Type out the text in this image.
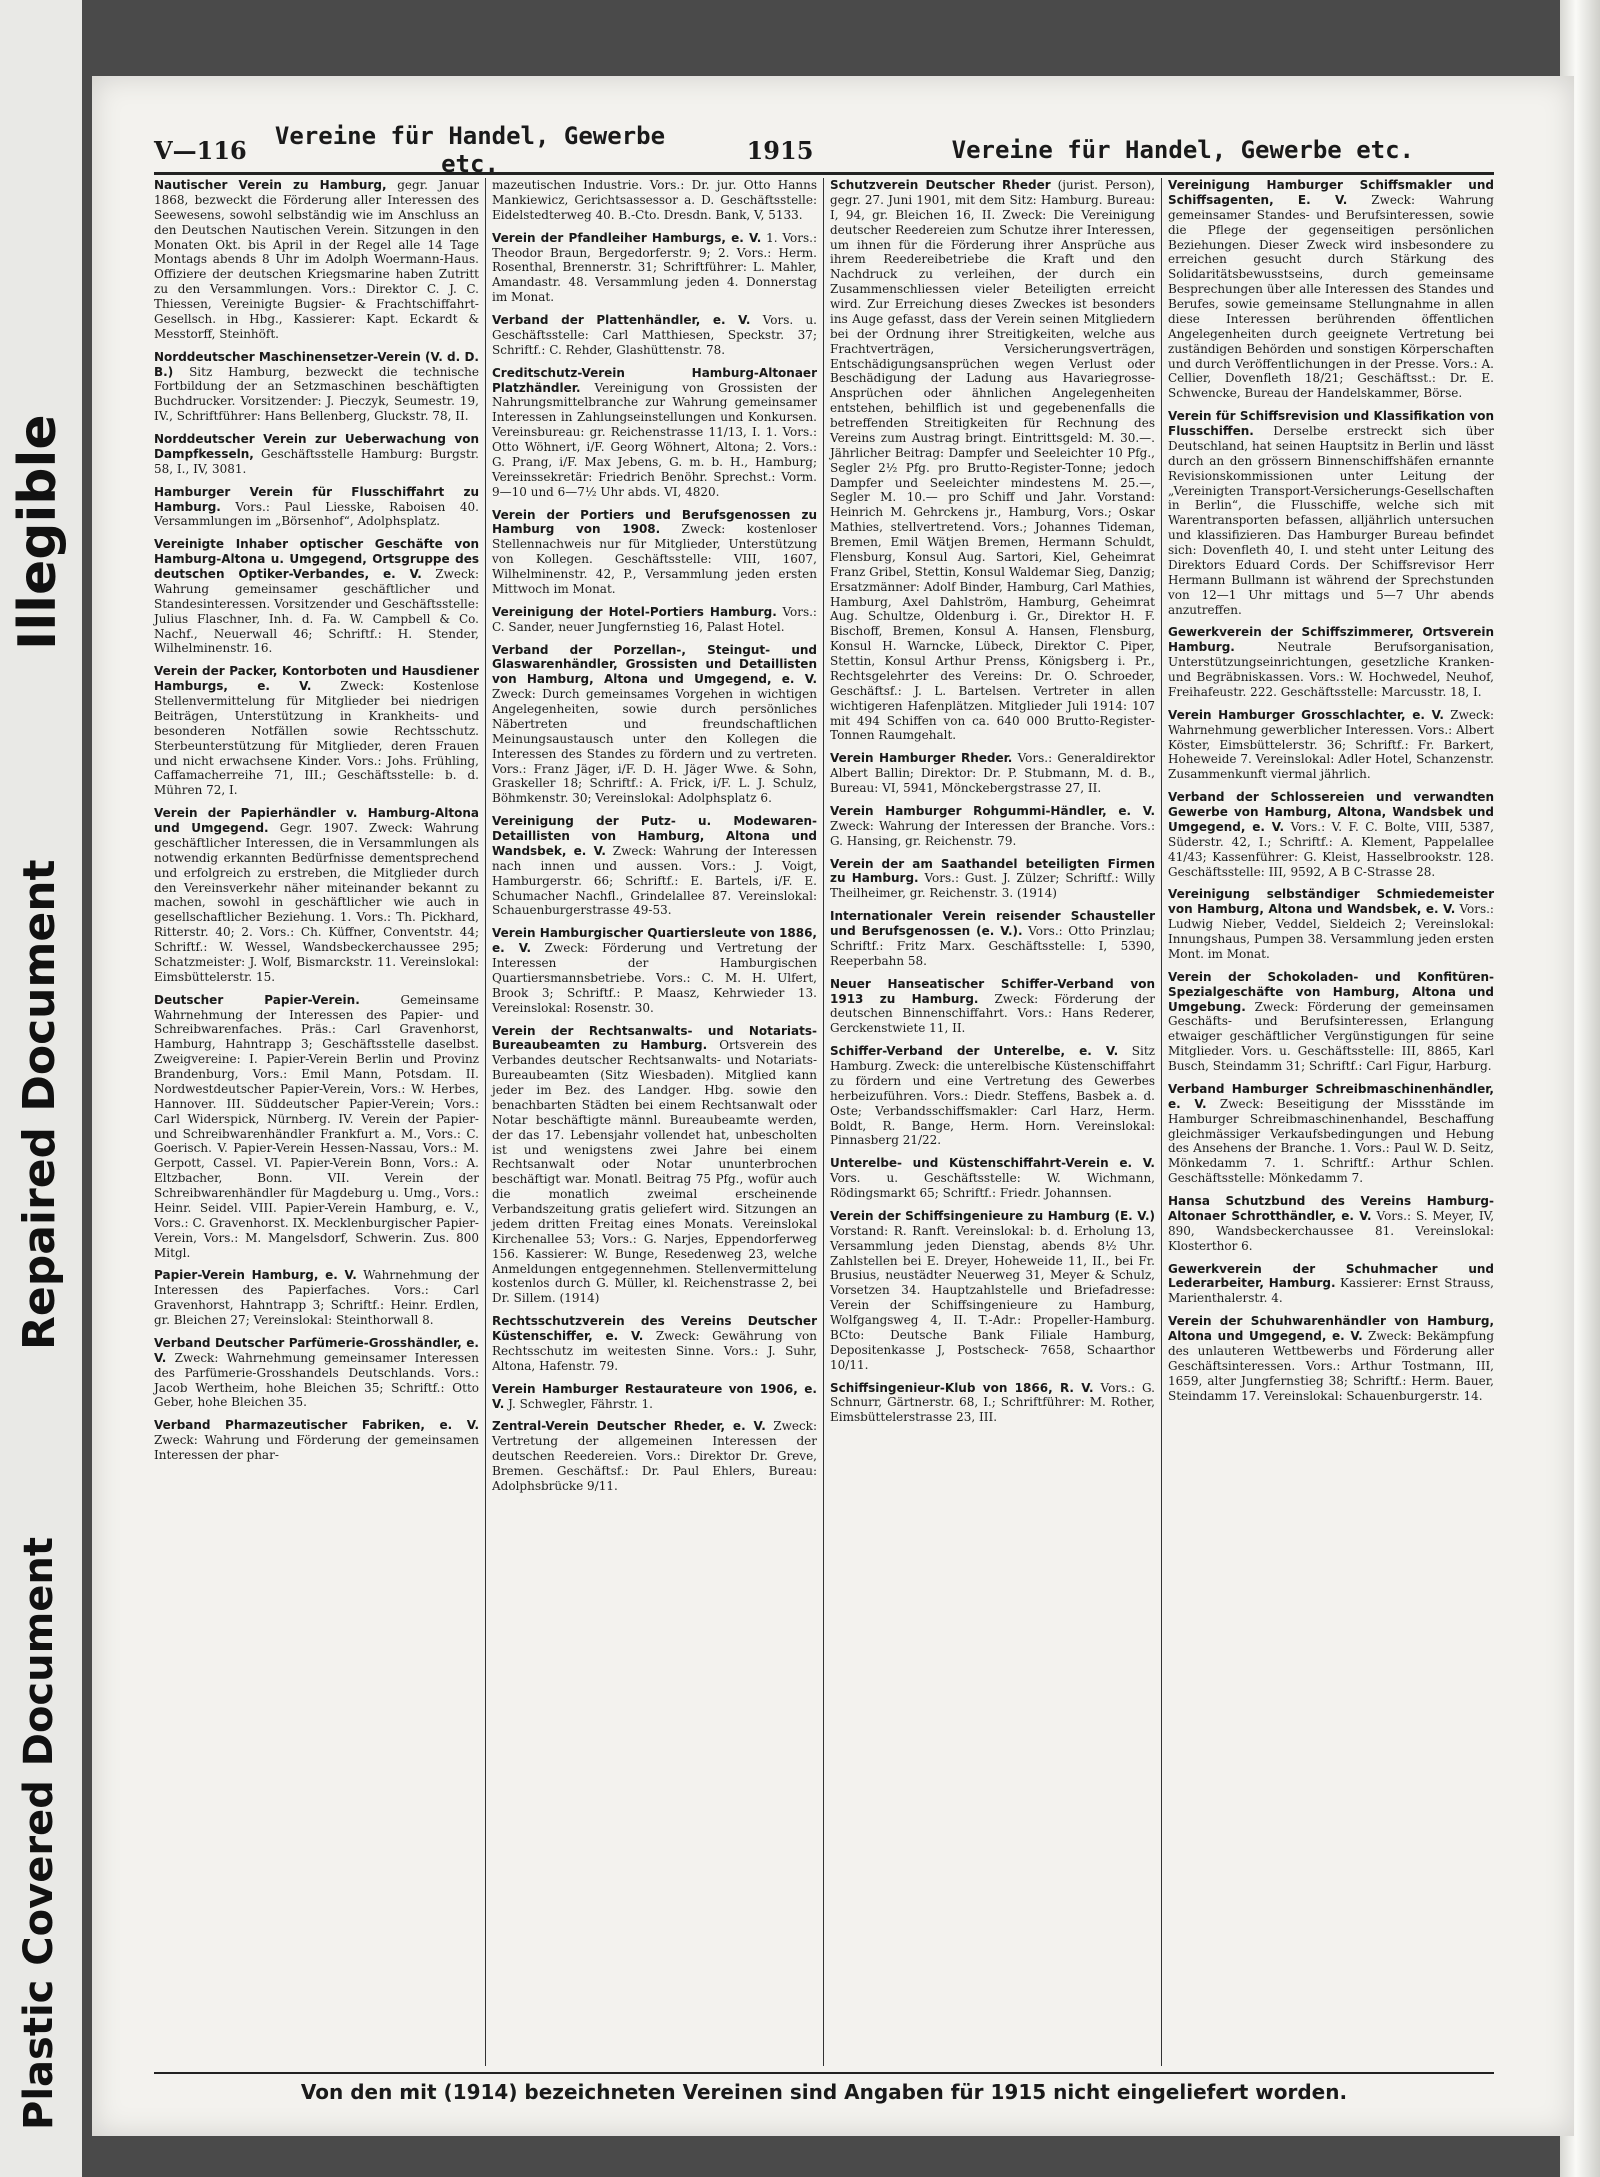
Illegible
Repaired Document
Plastic Covered Document
V—116	Vereine für Handel, Gewerbe etc.	1915	Vereine für Handel, Gewerbe etc.

Nautischer Verein zu Hamburg, gegr. Januar 1868, bezweckt die Förderung aller Interessen des Seewesens, sowohl selbständig wie im Anschluss an den Deutschen Nautischen Verein. Sitzungen in den Monaten Okt. bis April in der Regel alle 14 Tage Montags abends 8 Uhr im Adolph Woermann-Haus. Offiziere der deutschen Kriegsmarine haben Zutritt zu den Versammlungen. Vors.: Direktor C. J. C. Thiessen, Vereinigte Bugsier- & Frachtschiffahrt-Gesellsch. in Hbg., Kassierer: Kapt. Eckardt & Messtorff, Steinhöft.

Norddeutscher Maschinensetzer-Verein (V. d. D. B.) Sitz Hamburg, bezweckt die technische Fortbildung der an Setzmaschinen beschäftigten Buchdrucker. Vorsitzender: J. Pieczyk, Seumestr. 19, IV., Schriftführer: Hans Bellenberg, Gluckstr. 78, II.

Norddeutscher Verein zur Ueberwachung von Dampfkesseln, Geschäftsstelle Hamburg: Burgstr. 58, I., IV, 3081.

Hamburger Verein für Flusschiffahrt zu Hamburg. Vors.: Paul Liesske, Raboisen 40. Versammlungen im „Börsenhof“, Adolphsplatz.

Vereinigte Inhaber optischer Geschäfte von Hamburg-Altona u. Umgegend, Ortsgruppe des deutschen Optiker-Verbandes, e. V. Zweck: Wahrung gemeinsamer geschäftlicher und Standesinteressen. Vorsitzender und Geschäftsstelle: Julius Flaschner, Inh. d. Fa. W. Campbell & Co. Nachf., Neuerwall 46; Schriftf.: H. Stender, Wilhelminenstr. 16.

Verein der Packer, Kontorboten und Hausdiener Hamburgs, e. V. Zweck: Kostenlose Stellenvermittelung für Mitglieder bei niedrigen Beiträgen, Unterstützung in Krankheits- und besonderen Notfällen sowie Rechtsschutz. Sterbeunterstützung für Mitglieder, deren Frauen und nicht erwachsene Kinder. Vors.: Johs. Frühling, Caffamacherreihe 71, III.; Geschäftsstelle: b. d. Mühren 72, I.

Verein der Papierhändler v. Hamburg-Altona und Umgegend. Gegr. 1907. Zweck: Wahrung geschäftlicher Interessen, die in Versammlungen als notwendig erkannten Bedürfnisse dementsprechend und erfolgreich zu erstreben, die Mitglieder durch den Vereinsverkehr näher miteinander bekannt zu machen, sowohl in geschäftlicher wie auch in gesellschaftlicher Beziehung. 1. Vors.: Th. Pickhard, Ritterstr. 40; 2. Vors.: Ch. Küffner, Conventstr. 44; Schriftf.: W. Wessel, Wandsbeckerchaussee 295; Schatzmeister: J. Wolf, Bismarckstr. 11. Vereinslokal: Eimsbüttelerstr. 15.

Deutscher Papier-Verein.	Gemeinsame Wahrnehmung der Interessen des Papier- und Schreibwarenfaches. Präs.: Carl Gravenhorst, Hamburg, Hahntrapp 3; Geschäftsstelle daselbst. Zweigvereine: I. Papier-Verein Berlin und Provinz Brandenburg, Vors.: Emil Mann, Potsdam. II. Nordwestdeutscher Papier-Verein, Vors.: W. Herbes, Hannover. III. Süddeutscher Papier-Verein; Vors.: Carl Widerspick, Nürnberg. IV. Verein der Papier- und Schreibwarenhändler Frankfurt a. M., Vors.: C. Goerisch. V. Papier-Verein Hessen-Nassau, Vors.: M. Gerpott, Cassel. VI. Papier-Verein Bonn, Vors.: A. Eltzbacher, Bonn. VII. Verein der Schreibwarenhändler für Magdeburg u. Umg., Vors.: Heinr. Seidel. VIII. Papier-Verein Hamburg, e. V., Vors.: C. Gravenhorst. IX. Mecklenburgischer Papier-Verein, Vors.: M. Mangelsdorf, Schwerin. Zus. 800 Mitgl.

Papier-Verein Hamburg, e. V. Wahrnehmung der Interessen des Papierfaches. Vors.: Carl Gravenhorst, Hahntrapp 3; Schriftf.: Heinr. Erdlen, gr. Bleichen 27; Vereinslokal: Steinthorwall 8.

Verband Deutscher Parfümerie-Grosshändler, e. V. Zweck: Wahrnehmung gemeinsamer Interessen des Parfümerie-Grosshandels Deutschlands. Vors.: Jacob Wertheim, hohe Bleichen 35; Schriftf.: Otto Geber, hohe Bleichen 35.

Verband Pharmazeutischer Fabriken, e. V. Zweck: Wahrung und Förderung der gemeinsamen Interessen der phar-

mazeutischen Industrie. Vors.: Dr. jur. Otto Hanns Mankiewicz, Gerichtsassessor a. D. Geschäftsstelle: Eidelstedterweg 40. B.-Cto. Dresdn. Bank, V, 5133.

Verein der Pfandleiher Hamburgs, e. V. 1. Vors.: Theodor Braun, Bergedorferstr. 9; 2. Vors.: Herm. Rosenthal, Brennerstr. 31; Schriftführer: L. Mahler, Amandastr. 48. Versammlung jeden 4. Donnerstag im Monat.

Verband der Plattenhändler, e. V. Vors. u. Geschäftsstelle: Carl Matthiesen, Speckstr. 37; Schriftf.: C. Rehder, Glashüttenstr. 78.

Creditschutz-Verein Hamburg-Altonaer Platzhändler. Vereinigung von Grossisten der Nahrungsmittelbranche zur Wahrung gemeinsamer Interessen in Zahlungseinstellungen und Konkursen. Vereinsbureau: gr. Reichenstrasse 11/13, I. 1. Vors.: Otto Wöhnert, i/F. Georg Wöhnert, Altona; 2. Vors.: G. Prang, i/F. Max Jebens, G. m. b. H., Hamburg; Vereinssekretär: Friedrich Benöhr. Sprechst.: Vorm. 9—10 und 6—7½ Uhr abds. VI, 4820.

Verein der Portiers und Berufsgenossen zu Hamburg von 1908. Zweck: kostenloser Stellennachweis nur für Mitglieder, Unterstützung von Kollegen. Geschäftsstelle: VIII, 1607, Wilhelminenstr. 42, P., Versammlung jeden ersten Mittwoch im Monat.

Vereinigung der Hotel-Portiers Hamburg. Vors.: C. Sander, neuer Jungfernstieg 16, Palast Hotel.

Verband der Porzellan-, Steingut- und Glaswarenhändler, Grossisten und Detaillisten von Hamburg, Altona und Umgegend, e. V. Zweck: Durch gemeinsames Vorgehen in wichtigen Angelegenheiten, sowie durch persönliches Näbertreten und freundschaftlichen Meinungsaustausch unter den Kollegen die Interessen des Standes zu fördern und zu vertreten. Vors.: Franz Jäger, i/F. D. H. Jäger Wwe. & Sohn, Graskeller 18; Schriftf.: A. Frick, i/F. L. J. Schulz, Böhmkenstr. 30; Vereinslokal: Adolphsplatz 6.

Vereinigung der Putz- u. Modewaren-Detaillisten von Hamburg, Altona und Wandsbek, e. V. Zweck: Wahrung der Interessen nach innen und aussen. Vors.: J. Voigt, Hamburgerstr. 66; Schriftf.: E. Bartels, i/F. E. Schumacher Nachfl., Grindelallee 87. Vereinslokal: Schauenburgerstrasse 49-53.

Verein Hamburgischer Quartiersleute von 1886, e. V. Zweck: Förderung und Vertretung der Interessen der Hamburgischen Quartiersmannsbetriebe. Vors.: C. M. H. Ulfert, Brook 3; Schriftf.: P. Maasz, Kehrwieder 13. Vereinslokal: Rosenstr. 30.

Verein der Rechtsanwalts- und Notariats-Bureaubeamten zu Hamburg. Ortsverein des Verbandes deutscher Rechtsanwalts- und Notariats-Bureaubeamten (Sitz Wiesbaden). Mitglied kann jeder im Bez. des Landger. Hbg. sowie den benachbarten Städten bei einem Rechtsanwalt oder Notar beschäftigte männl. Bureaubeamte werden, der das 17. Lebensjahr vollendet hat, unbescholten ist und wenigstens zwei Jahre bei einem Rechtsanwalt oder Notar ununterbrochen beschäftigt war. Monatl. Beitrag 75 Pfg., wofür auch die monatlich zweimal erscheinende Verbandszeitung gratis geliefert wird. Sitzungen an jedem dritten Freitag eines Monats. Vereinslokal Kirchenallee 53; Vors.: G. Narjes, Eppendorferweg 156. Kassierer: W. Bunge, Resedenweg 23, welche Anmeldungen entgegennehmen. Stellenvermittelung kostenlos durch G. Müller, kl. Reichenstrasse 2, bei Dr. Sillem. (1914)

Rechtsschutzverein des Vereins Deutscher Küstenschiffer, e. V. Zweck: Gewährung von Rechtsschutz im weitesten Sinne. Vors.: J. Suhr, Altona, Hafenstr. 79.

Verein Hamburger Restaurateure von 1906, e. V. J. Schwegler, Fährstr. 1.

Zentral-Verein Deutscher Rheder, e. V. Zweck: Vertretung der allgemeinen Interessen der deutschen Reedereien. Vors.: Direktor Dr. Greve, Bremen. Geschäftsf.: Dr. Paul Ehlers, Bureau: Adolphsbrücke 9/11.

Schutzverein Deutscher Rheder (jurist. Person), gegr. 27. Juni 1901, mit dem Sitz: Hamburg. Bureau: I, 94, gr. Bleichen 16, II. Zweck: Die Vereinigung deutscher Reedereien zum Schutze ihrer Interessen, um ihnen für die Förderung ihrer Ansprüche aus ihrem Reedereibetriebe die Kraft und den Nachdruck zu verleihen, der durch ein Zusammenschliessen vieler Beteiligten erreicht wird. Zur Erreichung dieses Zweckes ist besonders ins Auge gefasst, dass der Verein seinen Mitgliedern bei der Ordnung ihrer Streitigkeiten, welche aus Frachtverträgen, Versicherungsverträgen, Entschädigungsansprüchen wegen Verlust oder Beschädigung der Ladung aus Havariegrosse-Ansprüchen oder ähnlichen Angelegenheiten entstehen, behilflich ist und gegebenenfalls die betreffenden Streitigkeiten für Rechnung des Vereins zum Austrag bringt. Eintrittsgeld: M. 30.—. Jährlicher Beitrag: Dampfer und Seeleichter 10 Pfg., Segler 2½ Pfg. pro Brutto-Register-Tonne; jedoch Dampfer und Seeleichter mindestens M. 25.—, Segler M. 10.— pro Schiff und Jahr. Vorstand: Heinrich M. Gehrckens jr., Hamburg, Vors.; Oskar Mathies, stellvertretend. Vors.; Johannes Tideman, Bremen, Emil Wätjen Bremen, Hermann Schuldt, Flensburg, Konsul Aug. Sartori, Kiel, Geheimrat Franz Gribel, Stettin, Konsul Waldemar Sieg, Danzig; Ersatzmänner: Adolf Binder, Hamburg, Carl Mathies, Hamburg, Axel Dahlström, Hamburg, Geheimrat Aug. Schultze, Oldenburg i. Gr., Direktor H. F. Bischoff, Bremen, Konsul A. Hansen, Flensburg, Konsul H. Warncke, Lübeck, Direktor C. Piper, Stettin, Konsul Arthur Prenss, Königsberg i. Pr., Rechtsgelehrter des Vereins: Dr. O. Schroeder, Geschäftsf.: J. L. Bartelsen. Vertreter in allen wichtigeren Hafenplätzen. Mitglieder Juli 1914: 107 mit 494 Schiffen von ca. 640 000 Brutto-Register-Tonnen Raumgehalt.

Verein Hamburger Rheder. Vors.: Generaldirektor Albert Ballin; Direktor: Dr. P. Stubmann, M. d. B., Bureau: VI, 5941, Mönckebergstrasse 27, II.

Verein Hamburger Rohgummi-Händler, e. V. Zweck: Wahrung der Interessen der Branche. Vors.: G. Hansing, gr. Reichenstr. 79.

Verein der am Saathandel beteiligten Firmen zu Hamburg. Vors.: Gust. J. Zülzer; Schriftf.: Willy Theilheimer, gr. Reichenstr. 3. (1914)

Internationaler Verein reisender Schausteller und Berufsgenossen (e. V.). Vors.: Otto Prinzlau; Schriftf.: Fritz Marx. Geschäftsstelle: I, 5390, Reeperbahn 58.

Neuer Hanseatischer Schiffer-Verband von 1913 zu Hamburg. Zweck: Förderung der deutschen Binnenschiffahrt. Vors.: Hans Rederer, Gerckenstwiete 11, II.

Schiffer-Verband der Unterelbe, e. V. Sitz Hamburg. Zweck: die unterelbische Küstenschiffahrt zu fördern und eine Vertretung des Gewerbes herbeizuführen. Vors.: Diedr. Steffens, Basbek a. d. Oste; Verbandsschiffsmakler: Carl Harz, Herm. Boldt, R. Bange, Herm. Horn. Vereinslokal: Pinnasberg 21/22.

Unterelbe- und Küstenschiffahrt-Verein e. V. Vors. u. Geschäftsstelle: W. Wichmann, Rödingsmarkt 65; Schriftf.: Friedr. Johannsen.

Verein der Schiffsingenieure zu Hamburg (E. V.) Vorstand: R. Ranft. Vereinslokal: b. d. Erholung 13, Versammlung jeden Dienstag, abends 8½ Uhr. Zahlstellen bei E. Dreyer, Hoheweide 11, II., bei Fr. Brusius, neustädter Neuerweg 31, Meyer & Schulz, Vorsetzen 34. Hauptzahlstelle und Briefadresse: Verein der Schiffsingenieure zu Hamburg, Wolfgangsweg 4, II. T.-Adr.: Propeller-Hamburg. BCto: Deutsche Bank Filiale Hamburg, Depositenkasse J, Postscheck- 7658, Schaarthor 10/11.

Schiffsingenieur-Klub von 1866, R. V. Vors.: G. Schnurr, Gärtnerstr. 68, I.; Schriftführer: M. Rother, Eimsbüttelerstrasse 23, III.

Vereinigung Hamburger Schiffsmakler und Schiffsagenten, E. V. Zweck: Wahrung gemeinsamer Standes- und Berufsinteressen, sowie die Pflege der gegenseitigen persönlichen Beziehungen. Dieser Zweck wird insbesondere zu erreichen gesucht durch Stärkung des Solidaritätsbewusstseins, durch gemeinsame Besprechungen über alle Interessen des Standes und Berufes, sowie gemeinsame Stellungnahme in allen diese Interessen berührenden öffentlichen Angelegenheiten durch geeignete Vertretung bei zuständigen Behörden und sonstigen Körperschaften und durch Veröffentlichungen in der Presse. Vors.: A. Cellier, Dovenfleth 18/21; Geschäftsst.: Dr. E. Schwencke, Bureau der Handelskammer, Börse.

Verein für Schiffsrevision und Klassifikation von Flusschiffen. Derselbe erstreckt sich über Deutschland, hat seinen Hauptsitz in Berlin und lässt durch an den grössern Binnenschiffshäfen ernannte Revisionskommissionen unter Leitung der „Vereinigten Transport-Versicherungs-Gesellschaften in Berlin“, die Flusschiffe, welche sich mit Warentransporten befassen, alljährlich untersuchen und klassifizieren. Das Hamburger Bureau befindet sich: Dovenfleth 40, I. und steht unter Leitung des Direktors Eduard Cords. Der Schiffsrevisor Herr Hermann Bullmann ist während der Sprechstunden von 12—1 Uhr mittags und 5—7 Uhr abends anzutreffen.

Gewerkverein der Schiffszimmerer, Ortsverein Hamburg.	Neutrale Berufsorganisation, Unterstützungseinrichtungen, gesetzliche Kranken- und Begräbniskassen. Vors.: W. Hochwedel, Neuhof, Freihafeustr. 222. Geschäftsstelle: Marcusstr. 18, I.

Verein Hamburger Grosschlachter, e. V. Zweck: Wahrnehmung gewerblicher Interessen. Vors.: Albert Köster, Eimsbüttelerstr. 36; Schriftf.: Fr. Barkert, Hoheweide 7. Vereinslokal: Adler Hotel, Schanzenstr. Zusammenkunft viermal jährlich.

Verband der Schlossereien und verwandten Gewerbe von Hamburg, Altona, Wandsbek und Umgegend, e. V. Vors.: V. F. C. Bolte, VIII, 5387, Süderstr. 42, I.; Schriftf.: A. Klement, Pappelallee 41/43; Kassenführer: G. Kleist, Hasselbrookstr. 128. Geschäftsstelle: III, 9592, A B C-Strasse 28.

Vereinigung selbständiger Schmiedemeister von Hamburg, Altona und Wandsbek, e. V. Vors.: Ludwig Nieber, Veddel, Sieldeich 2; Vereinslokal: Innungshaus, Pumpen 38. Versammlung jeden ersten Mont. im Monat.

Verein der Schokoladen- und Konfitüren-Spezialgeschäfte von Hamburg, Altona und Umgebung. Zweck: Förderung der gemeinsamen Geschäfts- und Berufsinteressen, Erlangung etwaiger geschäftlicher Vergünstigungen für seine Mitglieder. Vors. u. Geschäftsstelle: III, 8865, Karl Busch, Steindamm 31; Schriftf.: Carl Figur, Harburg.

Verband Hamburger Schreibmaschinenhändler, e. V. Zweck: Beseitigung der Missstände im Hamburger Schreibmaschinenhandel, Beschaffung gleichmässiger Verkaufsbedingungen und Hebung des Ansehens der Branche. 1. Vors.: Paul W. D. Seitz, Mönkedamm 7. 1. Schriftf.: Arthur Schlen. Geschäftsstelle: Mönkedamm 7.

Hansa Schutzbund des Vereins Hamburg-Altonaer Schrotthändler, e. V. Vors.: S. Meyer, IV, 890, Wandsbeckerchaussee 81. Vereinslokal: Klosterthor 6.

Gewerkverein der Schuhmacher und Lederarbeiter, Hamburg. Kassierer: Ernst Strauss, Marienthalerstr. 4.

Verein der Schuhwarenhändler von Hamburg, Altona und Umgegend, e. V. Zweck: Bekämpfung des unlauteren Wettbewerbs und Förderung aller Geschäftsinteressen. Vors.: Arthur Tostmann, III, 1659, alter Jungfernstieg 38; Schriftf.: Herm. Bauer, Steindamm 17. Vereinslokal: Schauenburgerstr. 14.

Von den mit (1914) bezeichneten Vereinen sind Angaben für 1915 nicht eingeliefert worden.
